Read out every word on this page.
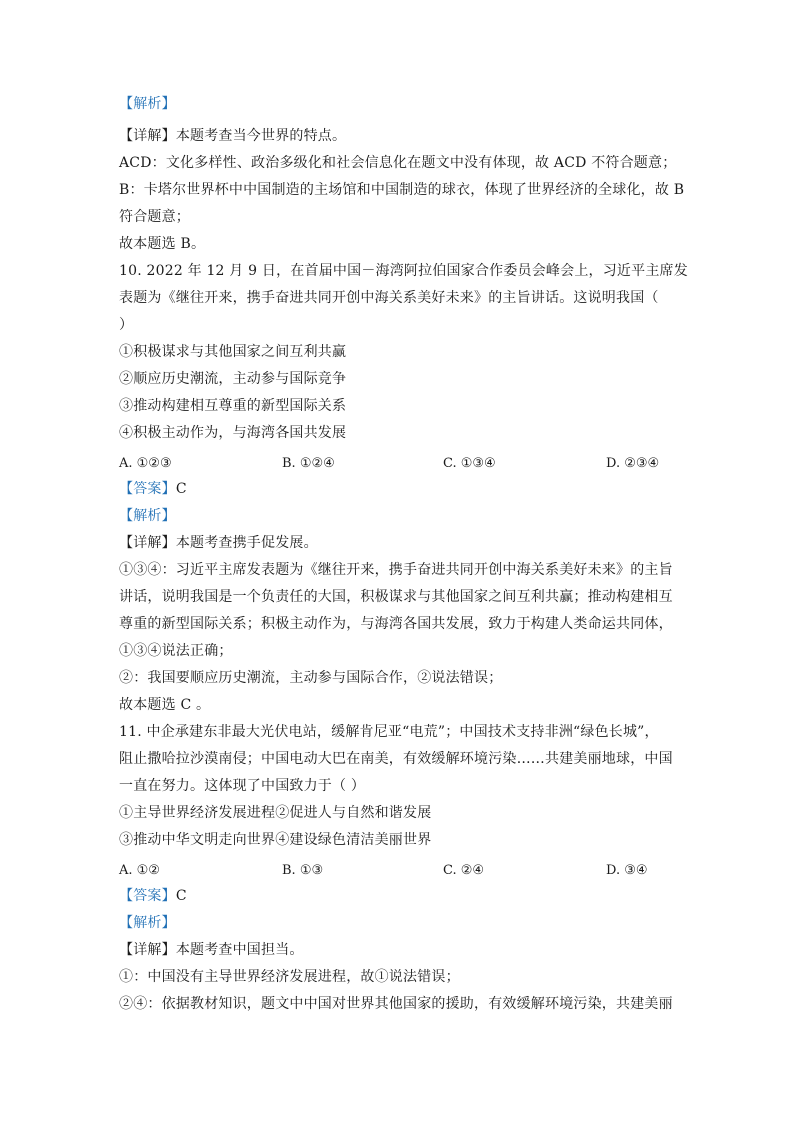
【解析】
【详解】本题考查当今世界的特点。
ACD：文化多样性、政治多级化和社会信息化在题文中没有体现，故 ACD 不符合题意；
B：卡塔尔世界杯中中国制造的主场馆和中国制造的球衣，体现了世界经济的全球化，故 B
符合题意；
故本题选 B。
10. 2022 年 12 月 9 日，在首届中国－海湾阿拉伯国家合作委员会峰会上，习近平主席发
表题为《继往开来，携手奋进共同开创中海关系美好未来》的主旨讲话。这说明我国（
）
①积极谋求与其他国家之间互利共赢
②顺应历史潮流，主动参与国际竞争
③推动构建相互尊重的新型国际关系
④积极主动作为，与海湾各国共发展
A. ①②③	B. ①②④	C. ①③④	D. ②③④
【答案】C
【解析】
【详解】本题考查携手促发展。
①③④：习近平主席发表题为《继往开来，携手奋进共同开创中海关系美好未来》的主旨
讲话，说明我国是一个负责任的大国，积极谋求与其他国家之间互利共赢；推动构建相互
尊重的新型国际关系；积极主动作为，与海湾各国共发展，致力于构建人类命运共同体，
①③④说法正确；
②：我国要顺应历史潮流，主动参与国际合作，②说法错误；
故本题选 C 。
11. 中企承建东非最大光伏电站，缓解肯尼亚“电荒”；中国技术支持非洲“绿色长城”，
阻止撒哈拉沙漠南侵；中国电动大巴在南美，有效缓解环境污染……共建美丽地球，中国
一直在努力。这体现了中国致力于（ ）
①主导世界经济发展进程②促进人与自然和谐发展
③推动中华文明走向世界④建设绿色清洁美丽世界
A. ①②	B. ①③	C. ②④	D. ③④
【答案】C
【解析】
【详解】本题考查中国担当。
①：中国没有主导世界经济发展进程，故①说法错误；
②④：依据教材知识，题文中中国对世界其他国家的援助，有效缓解环境污染，共建美丽
